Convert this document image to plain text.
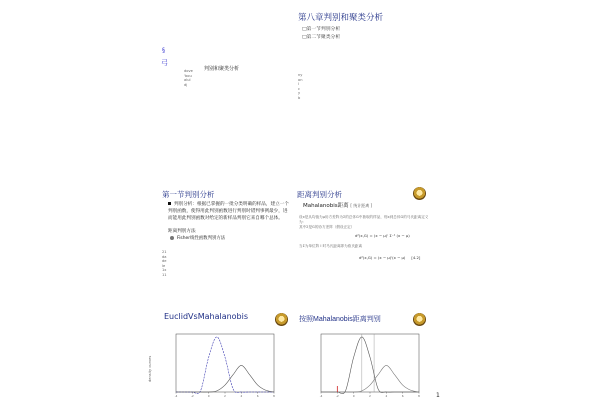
第八章判别和聚类分析
□第一节判别分析
□第二节聚类分析
§
弓
判别和聚类分析
dove
'bou
alul
dj
ny
on
l
c
y
b
第一节判别分析
判别分析：根据已掌握的一批分类明确的样品，建立一个判别函数，使得用此判别函数进行判别时错判事例最少，进而能用此判别函数对给定的新样品判别它来自哪个总体。
距离判别方法
Fisher线性函数判别方法
21
da
de
le
1x
11
距离判别分析
Mahalanobis距离 [ 统计距离 ]
设x是从均值为μ协方差阵为Σ的总体G中抽取的样品，则x到总体G的马氏距离定义为：
其中Σ是G的协方差阵（假设正定）
d²(x,G) = (x − μ)' Σ⁻¹ (x − μ)
当Σ为单位阵 I 时马氏距离即为欧氏距离
d²(x,G) = (x − μ)'(x − μ)     [4.2]
EuclidVsMahalanobis
density curves
-4	-2	0	2	4	6	8
按照Mahalanobis距离判别
-4	-2	0	2	4	6	8	1
